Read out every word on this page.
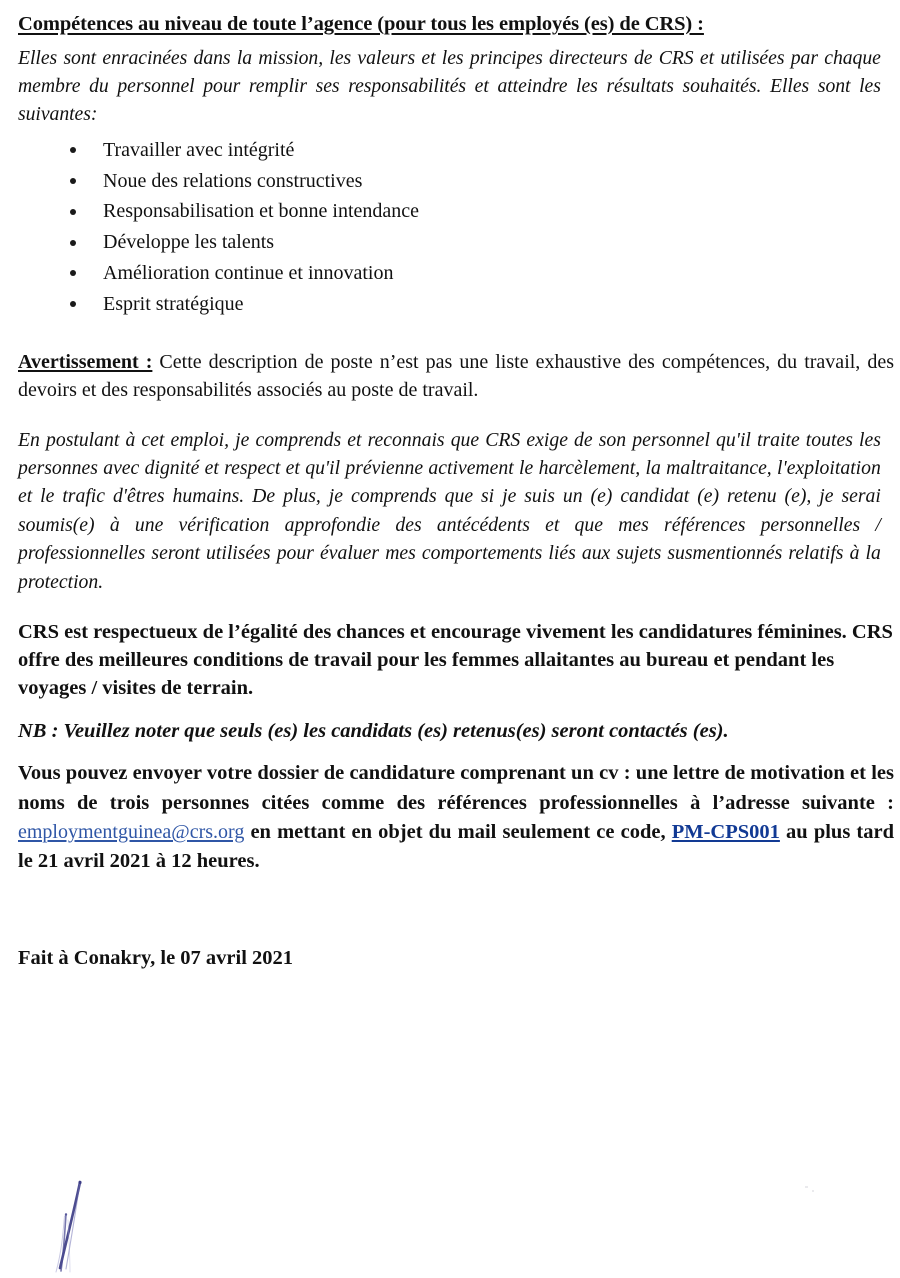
Compétences au niveau de toute l’agence (pour tous les employés (es) de CRS) :

Elles sont enracinées dans la mission, les valeurs et les principes directeurs de CRS et utilisées par chaque membre du personnel pour remplir ses responsabilités et atteindre les résultats souhaités. Elles sont les suivantes:

Travailler avec intégrité
Noue des relations constructives
Responsabilisation et bonne intendance
Développe les talents
Amélioration continue et innovation
Esprit stratégique

Avertissement : Cette description de poste n’est pas une liste exhaustive des compétences, du travail, des devoirs et des responsabilités associés au poste de travail.

En postulant à cet emploi, je comprends et reconnais que CRS exige de son personnel qu'il traite toutes les personnes avec dignité et respect et qu'il prévienne activement le harcèlement, la maltraitance, l'exploitation et le trafic d'êtres humains. De plus, je comprends que si je suis un (e) candidat (e) retenu (e), je serai soumis(e) à une vérification approfondie des antécédents et que mes références personnelles / professionnelles seront utilisées pour évaluer mes comportements liés aux sujets susmentionnés relatifs à la protection.

CRS est respectueux de l’égalité des chances et encourage vivement les candidatures féminines. CRS offre des meilleures conditions de travail pour les femmes allaitantes au bureau et pendant les voyages / visites de terrain.

NB : Veuillez noter que seuls (es) les candidats (es) retenus(es) seront contactés (es).

Vous pouvez envoyer votre dossier de candidature comprenant un cv : une lettre de motivation et les noms de trois personnes citées comme des références professionnelles à l’adresse suivante : employmentguinea@crs.org en mettant en objet du mail seulement ce code, PM-CPS001 au plus tard le 21 avril 2021 à 12 heures.

Fait à Conakry, le 07 avril 2021
